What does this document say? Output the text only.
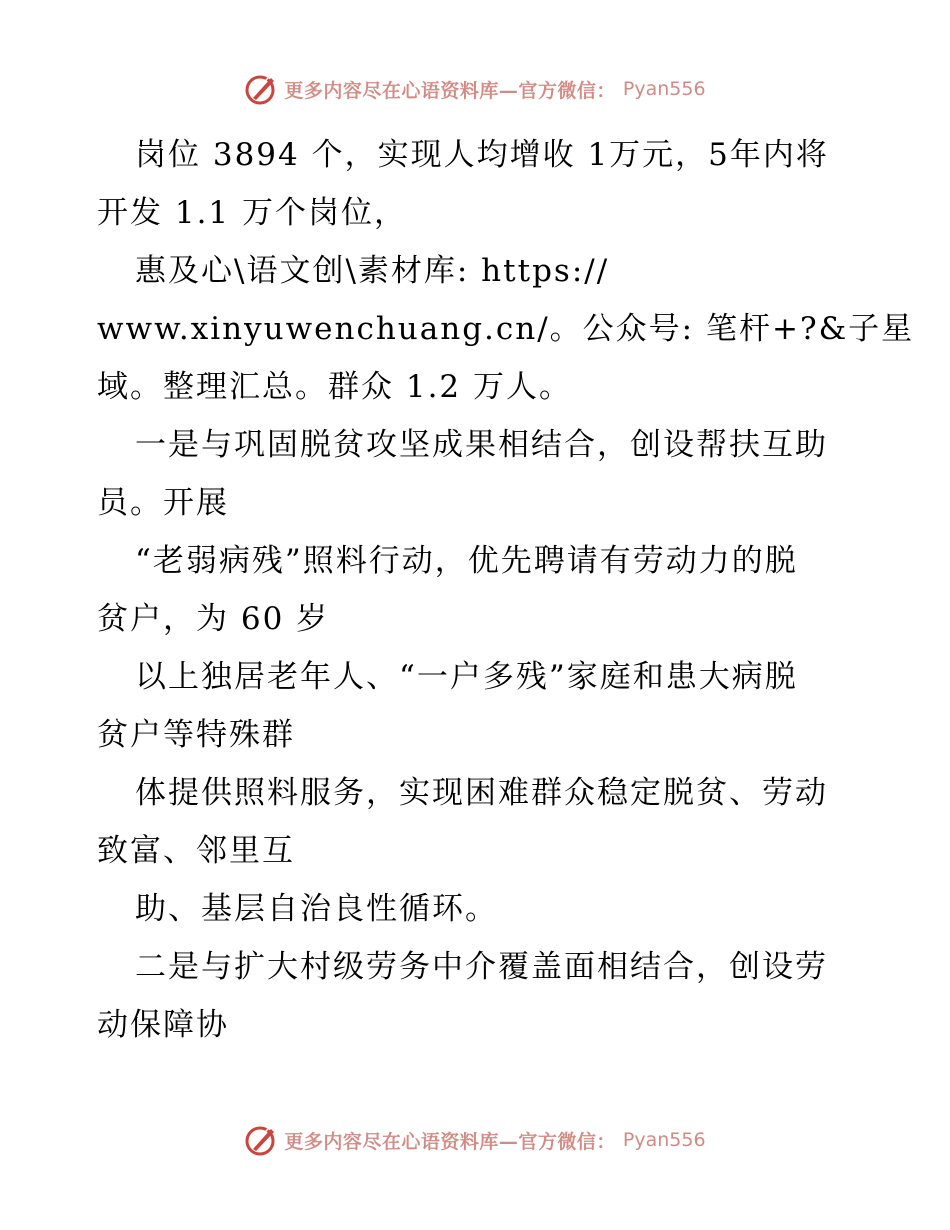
更多内容尽在心语资料库—官方微信： Pyan556
岗位 3894 个，实现人均增收 1万元，5年内将
开发 1.1 万个岗位，
惠及心\语文创\素材库: https://
www.xinyuwenchuang.cn/。公众号: 笔杆+?&子星
域。整理汇总。群众 1.2 万人。
一是与巩固脱贫攻坚成果相结合，创设帮扶互助
员。开展
“老弱病残”照料行动，优先聘请有劳动力的脱
贫户，为 60 岁
以上独居老年人、“一户多残”家庭和患大病脱
贫户等特殊群
体提供照料服务，实现困难群众稳定脱贫、劳动
致富、邻里互
助、基层自治良性循环。
二是与扩大村级劳务中介覆盖面相结合，创设劳
动保障协
更多内容尽在心语资料库—官方微信： Pyan556
